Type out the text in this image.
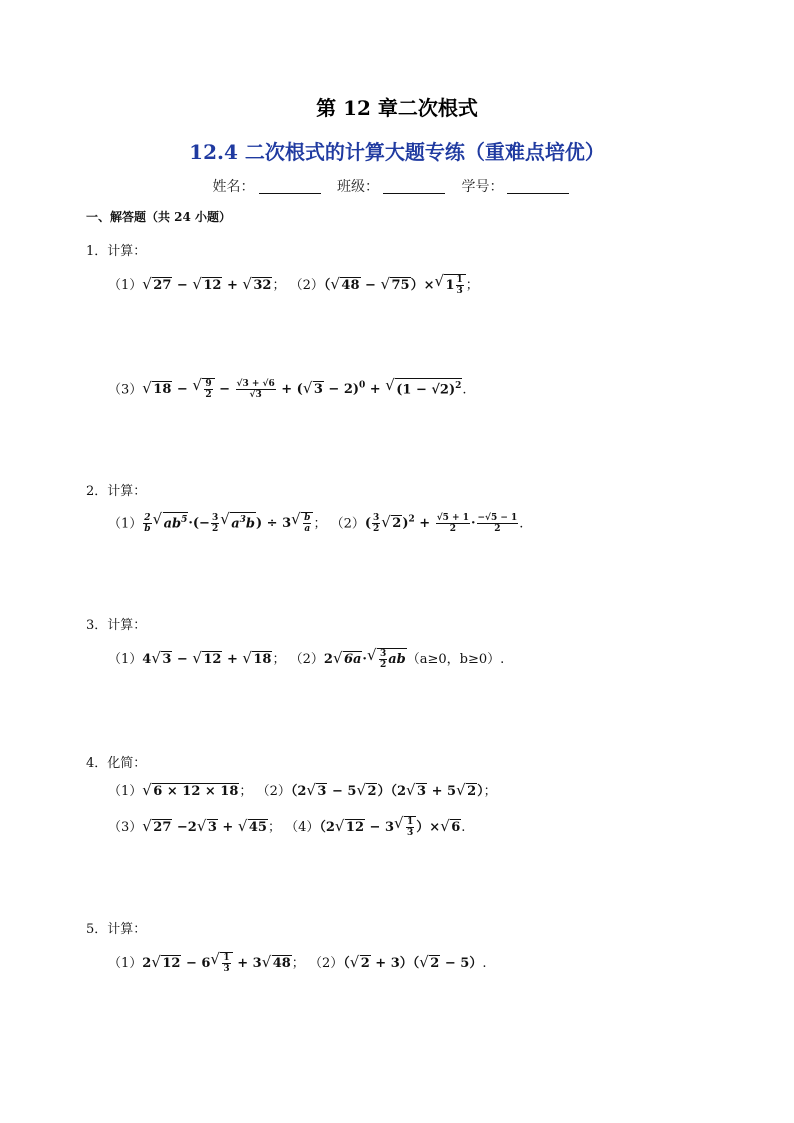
第 12 章二次根式
12.4 二次根式的计算大题专练（重难点培优）
姓名：	班级：	学号：
一、解答题（共 24 小题）
1．计算：
（1）√ 27 − √ 12 + √ 32； （2）（√ 48 − √ 75）×√ $1 \frac{1}{3}$ ；
（3）√ 18 −
√ $\frac{9}{2} - \frac{√3 + √6}{√3}$ + (√ 3 − 2)$^0$ + √ $(1 - √2)^2$.
2．计算：
$(1) \frac{2}{b}$
√ $ab^5\cdot(- \frac{3}{2}$
√ $a^3b) \div 3$
√ $\frac{b}{a}$ ； $(2)( \frac{3}{2}$
√ $2)^2 + \frac{√5 + 1}{2} \cdot \frac{-√5 - 1}{2}$ .
3．计算：
（1）4√ 3 − √ 12 + √ 18； （2）2√ 6a·
√ $\frac{3}{2} ab(a\ge 0$，b≥0）.
4．化简：
（1）√ 6 × 12 × 18； （2）（2√ 3 − 5√ 2）（2√ 3 + 5√ 2）；
（3）√ 27 −2√ 3 + √ 45； （4）（2√ 12 − 3
√ $\frac{1}{3}$ ）×√ 6.
5．计算：
（1）2√ 12 − 6
√ $\frac{1}{3} + 3√$ 48； （2）（√ 2 + 3）（√ 2 − 5）.
